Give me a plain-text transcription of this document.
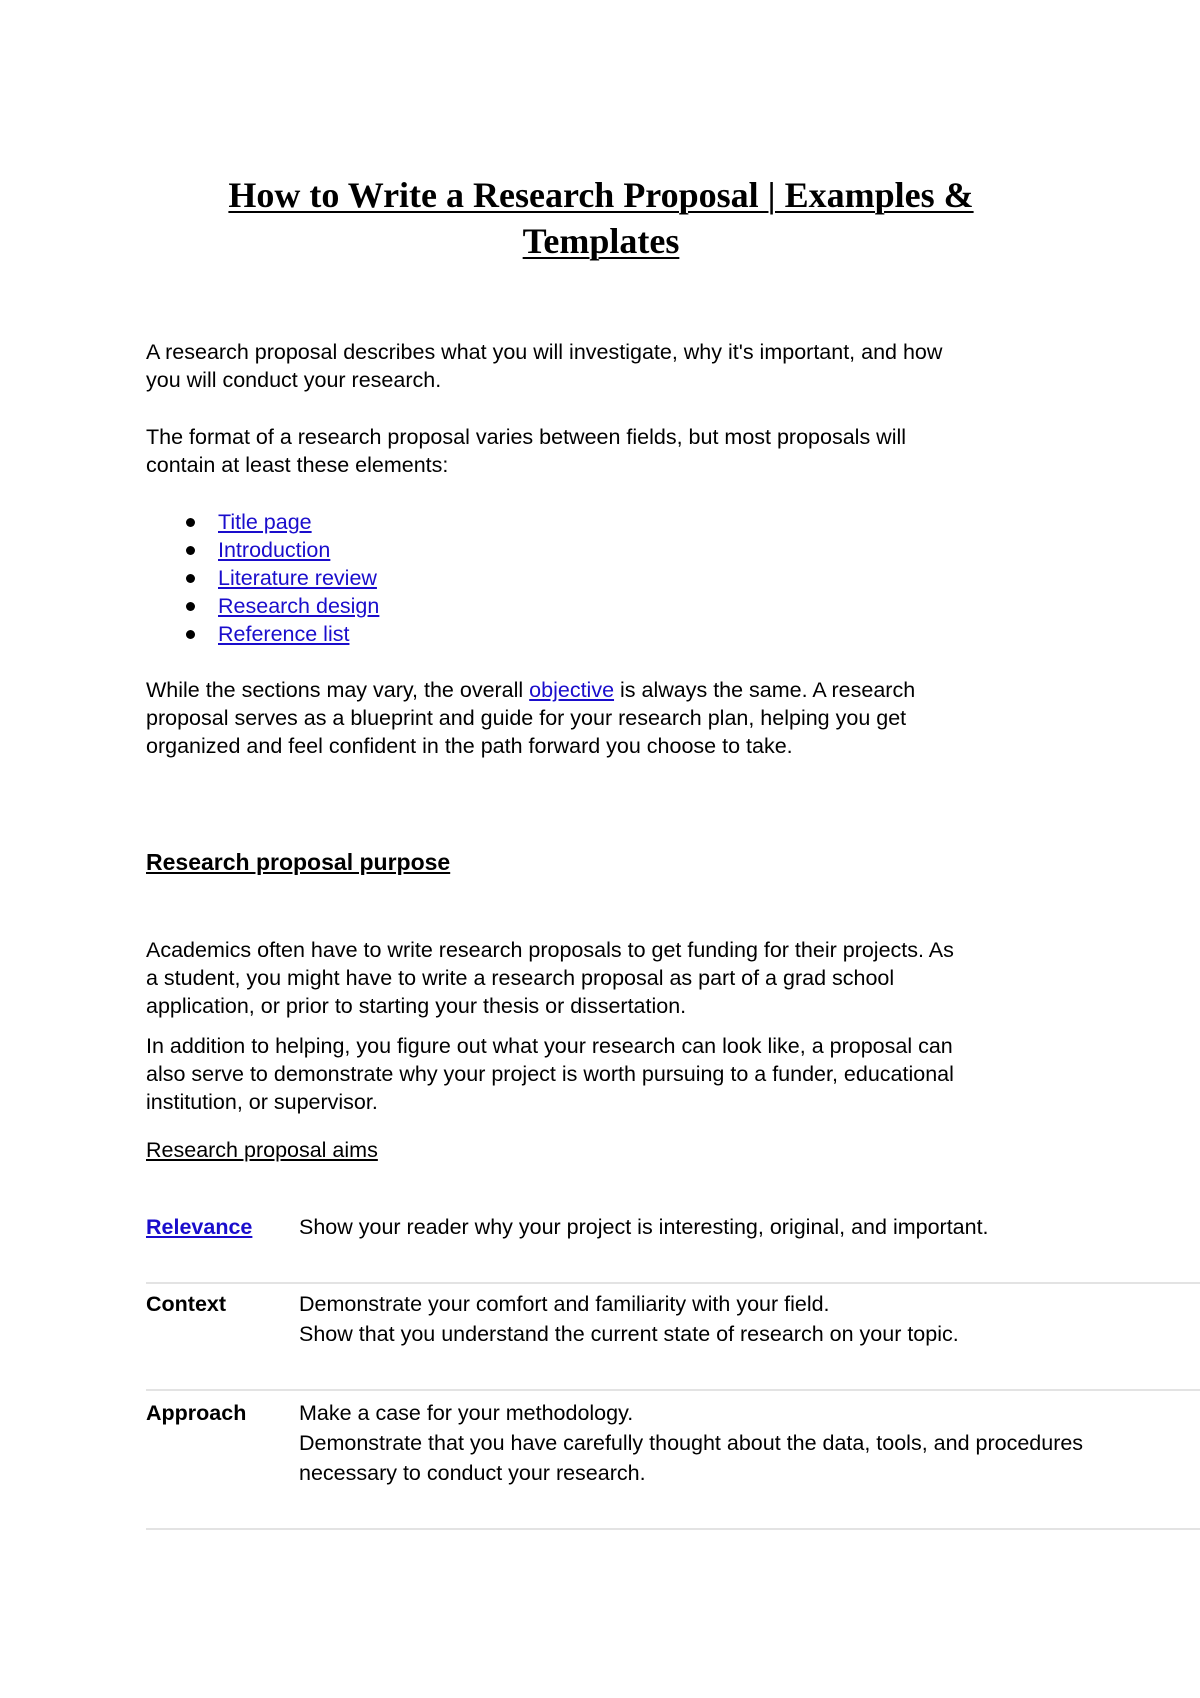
How to Write a Research Proposal | Examples &
Templates

A research proposal describes what you will investigate, why it's important, and how
you will conduct your research.

The format of a research proposal varies between fields, but most proposals will
contain at least these elements:

Title page
Introduction
Literature review
Research design
Reference list

While the sections may vary, the overall objective is always the same. A research
proposal serves as a blueprint and guide for your research plan, helping you get
organized and feel confident in the path forward you choose to take.

Research proposal purpose

Academics often have to write research proposals to get funding for their projects. As
a student, you might have to write a research proposal as part of a grad school
application, or prior to starting your thesis or dissertation.

In addition to helping, you figure out what your research can look like, a proposal can
also serve to demonstrate why your project is worth pursuing to a funder, educational
institution, or supervisor.

Research proposal aims

Relevance Show your reader why your project is interesting, original, and important.
Context	Demonstrate your comfort and familiarity with your field.
Show that you understand the current state of research on your topic.
Approach Make a case for your methodology.
Demonstrate that you have carefully thought about the data, tools, and procedures
necessary to conduct your research.
